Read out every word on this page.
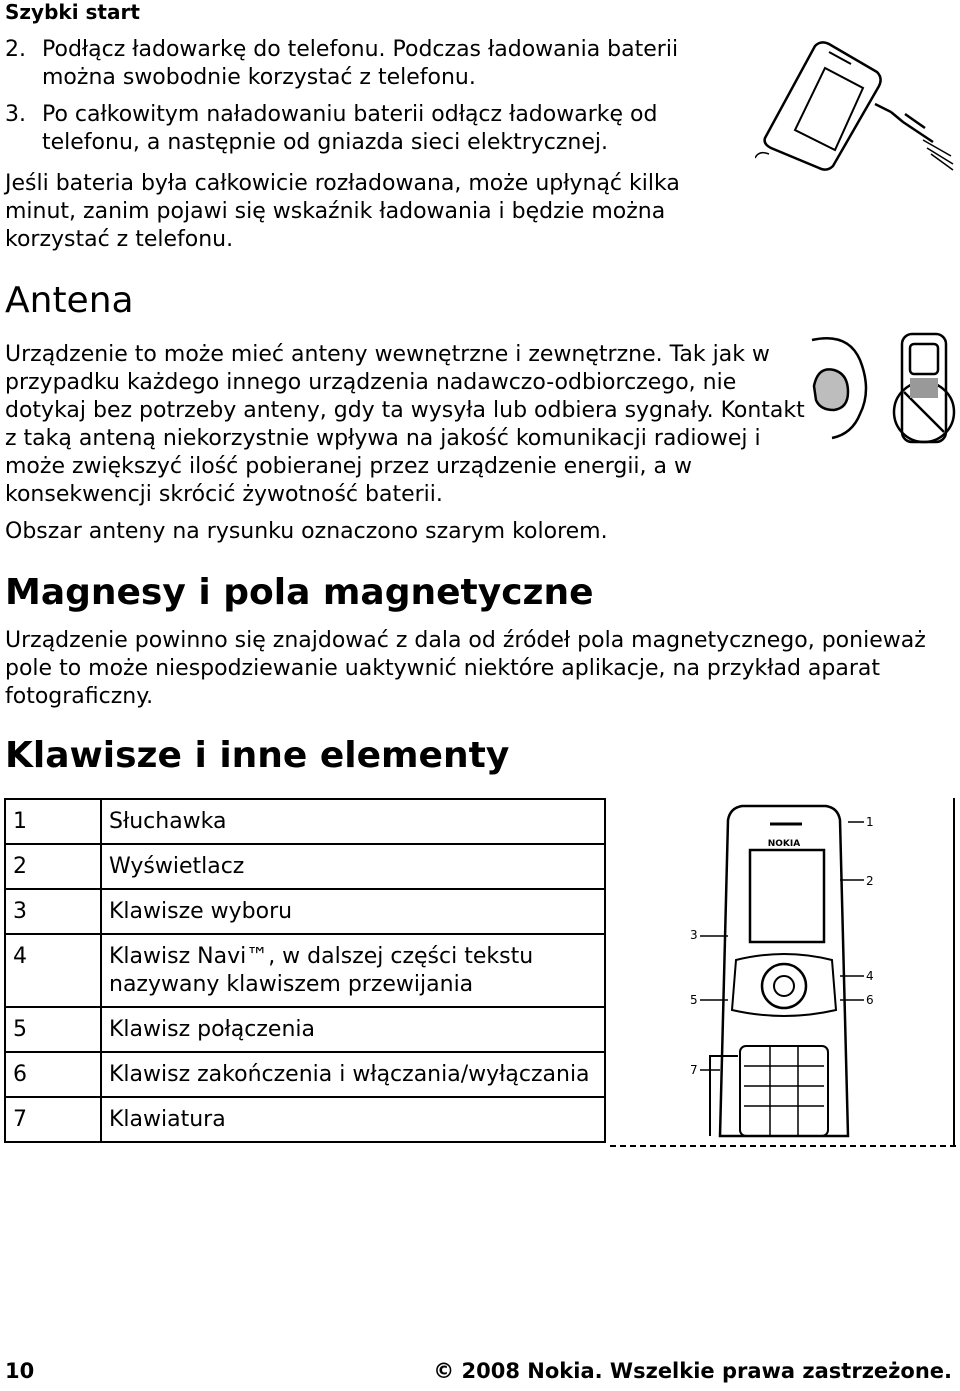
Szybki start
2. Podłącz ładowarkę do telefonu. Podczas ładowania baterii można swobodnie korzystać z telefonu.
3. Po całkowitym naładowaniu baterii odłącz ładowarkę od telefonu, a następnie od gniazda sieci elektrycznej.
Jeśli bateria była całkowicie rozładowana, może upłynąć kilka minut, zanim pojawi się wskaźnik ładowania i będzie można korzystać z telefonu.
Antena
Urządzenie to może mieć anteny wewnętrzne i zewnętrzne. Tak jak w przypadku każdego innego urządzenia nadawczo-odbiorczego, nie dotykaj bez potrzeby anteny, gdy ta wysyła lub odbiera sygnały. Kontakt z taką anteną niekorzystnie wpływa na jakość komunikacji radiowej i może zwiększyć ilość pobieranej przez urządzenie energii, a w konsekwencji skrócić żywotność baterii.
Obszar anteny na rysunku oznaczono szarym kolorem.
Magnesy i pola magnetyczne
Urządzenie powinno się znajdować z dala od źródeł pola magnetycznego, ponieważ pole to może niespodziewanie uaktywnić niektóre aplikacje, na przykład aparat fotograficzny.
Klawisze i inne elementy
1	Słuchawka
2	Wyświetlacz
3	Klawisze wyboru
4	Klawisz Navi™, w dalszej części tekstu nazywany klawiszem przewijania
5	Klawisz połączenia
6	Klawisz zakończenia i włączania/wyłączania
7	Klawiatura
NOKIA
1
2
3
4
5	6
7
10	© 2008 Nokia. Wszelkie prawa zastrzeżone.
